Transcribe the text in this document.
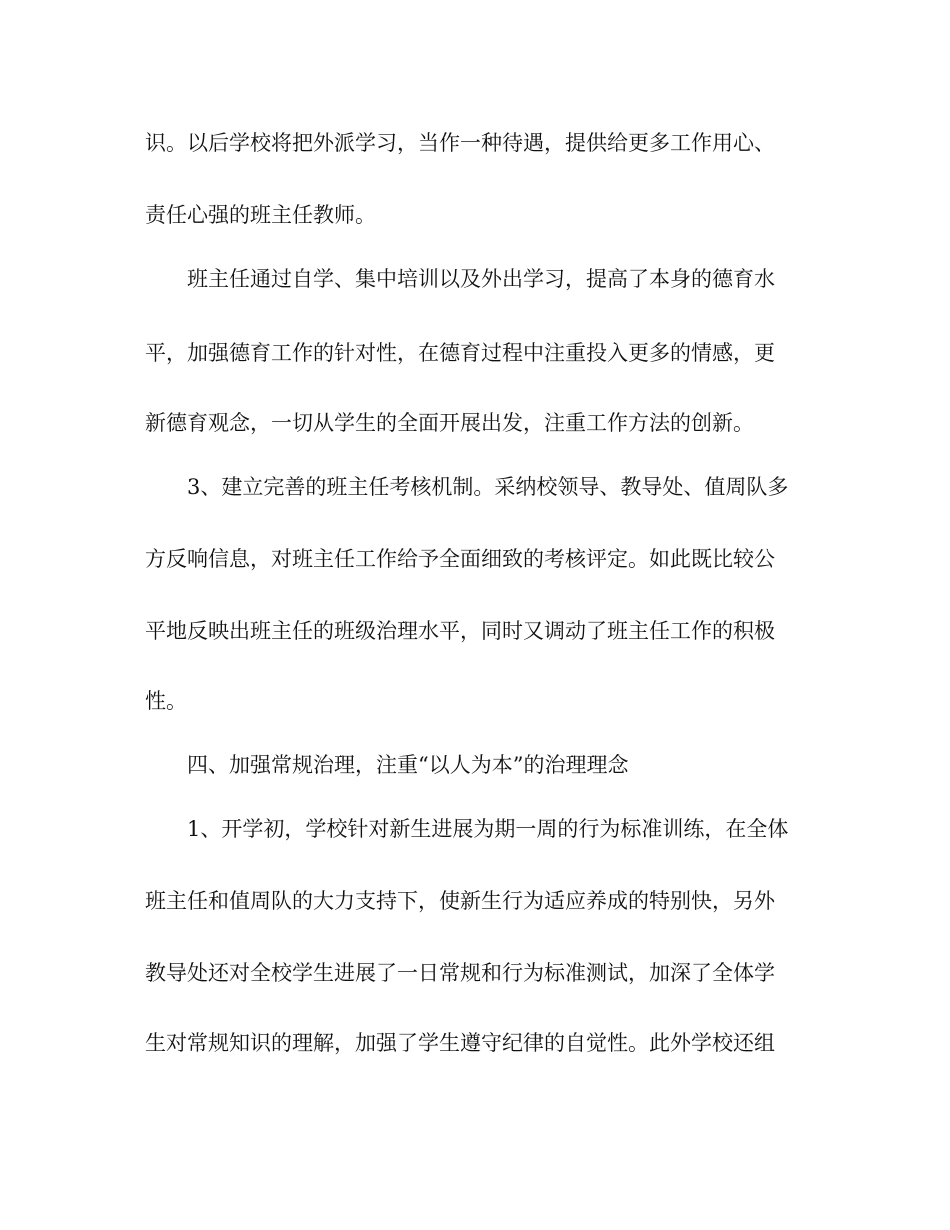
识。以后学校将把外派学习，当作一种待遇，提供给更多工作用心、

责任心强的班主任教师。

班主任通过自学、集中培训以及外出学习，提高了本身的德育水

平，加强德育工作的针对性，在德育过程中注重投入更多的情感，更

新德育观念，一切从学生的全面开展出发，注重工作方法的创新。

3、建立完善的班主任考核机制。采纳校领导、教导处、值周队多

方反响信息，对班主任工作给予全面细致的考核评定。如此既比较公

平地反映出班主任的班级治理水平，同时又调动了班主任工作的积极

性。

四、加强常规治理，注重“以人为本”的治理理念

1、开学初，学校针对新生进展为期一周的行为标准训练，在全体

班主任和值周队的大力支持下，使新生行为适应养成的特别快，另外

教导处还对全校学生进展了一日常规和行为标准测试，加深了全体学

生对常规知识的理解，加强了学生遵守纪律的自觉性。此外学校还组
